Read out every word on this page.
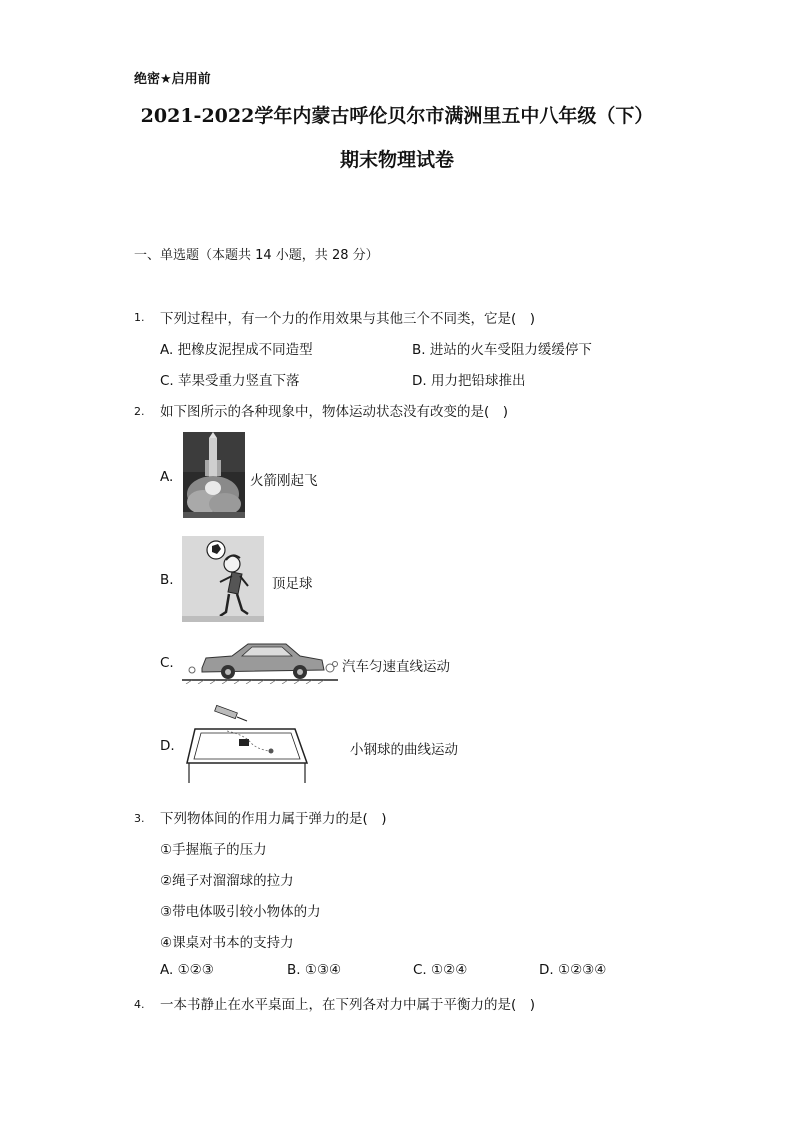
绝密★启用前
2021-2022学年内蒙古呼伦贝尔市满洲里五中八年级（下）
期末物理试卷
一、单选题（本题共 14 小题，共 28 分）
1. 下列过程中，有一个力的作用效果与其他三个不同类，它是(　)
A. 把橡皮泥捏成不同造型	B. 进站的火车受阻力缓缓停下
C. 苹果受重力竖直下落	D. 用力把铅球推出
2. 如下图所示的各种现象中，物体运动状态没有改变的是(　)
A.	火箭刚起飞
B.	顶足球
C.	汽车匀速直线运动
D.	小钢球的曲线运动
3. 下列物体间的作用力属于弹力的是(　)
①手握瓶子的压力
②绳子对溜溜球的拉力
③带电体吸引较小物体的力
④课桌对书本的支持力
A. ①②③	B. ①③④	C. ①②④	D. ①②③④
4. 一本书静止在水平桌面上，在下列各对力中属于平衡力的是(　)
